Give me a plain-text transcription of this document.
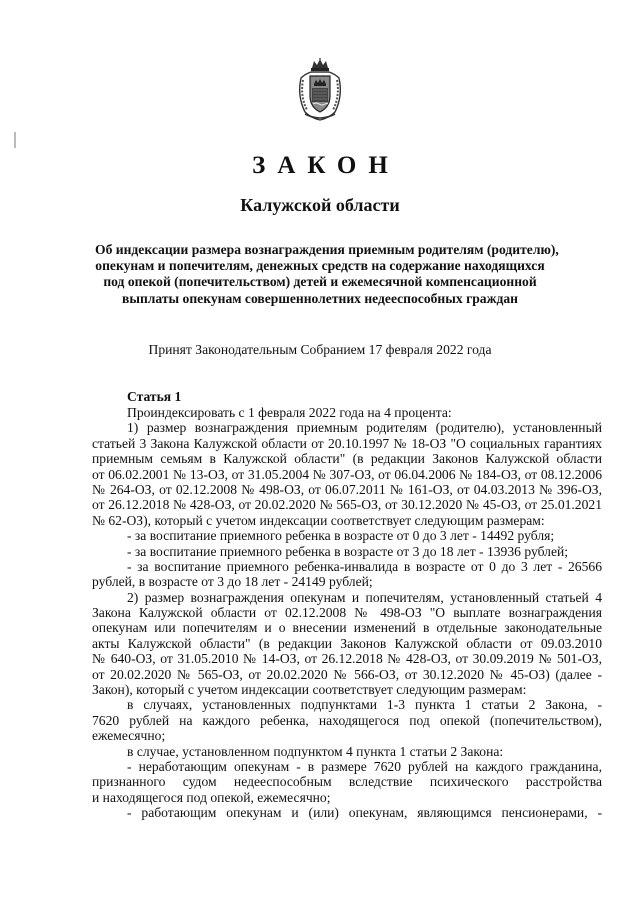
ЗАКОН
Калужской области
Об индексации размера вознаграждения приемным родителям (родителю),
опекунам и попечителям, денежных средств на содержание находящихся
под опекой (попечительством) детей и ежемесячной компенсационной
выплаты опекунам совершеннолетних недееспособных граждан
Принят Законодательным Собранием 17 февраля 2022 года
Статья 1
Проиндексировать с 1 февраля 2022 года на 4 процента:
1) размер вознаграждения приемным родителям (родителю), установленный
статьей 3 Закона Калужской области от 20.10.1997 № 18-ОЗ "О социальных гарантиях
приемным семьям в Калужской области" (в редакции Законов Калужской области
от 06.02.2001 № 13-ОЗ, от 31.05.2004 № 307-ОЗ, от 06.04.2006 № 184-ОЗ, от 08.12.2006
№ 264-ОЗ, от 02.12.2008 № 498-ОЗ, от 06.07.2011 № 161-ОЗ, от 04.03.2013 № 396-ОЗ,
от 26.12.2018 № 428-ОЗ, от 20.02.2020 № 565-ОЗ, от 30.12.2020 № 45-ОЗ, от 25.01.2021
№ 62-ОЗ), который с учетом индексации соответствует следующим размерам:
- за воспитание приемного ребенка в возрасте от 0 до 3 лет - 14492 рубля;
- за воспитание приемного ребенка в возрасте от 3 до 18 лет - 13936 рублей;
- за воспитание приемного ребенка-инвалида в возрасте от 0 до 3 лет - 26566
рублей, в возрасте от 3 до 18 лет - 24149 рублей;
2) размер вознаграждения опекунам и попечителям, установленный статьей 4
Закона Калужской области от 02.12.2008 № 498-ОЗ "О выплате вознаграждения
опекунам или попечителям и о внесении изменений в отдельные законодательные
акты Калужской области" (в редакции Законов Калужской области от 09.03.2010
№ 640-ОЗ, от 31.05.2010 № 14-ОЗ, от 26.12.2018 № 428-ОЗ, от 30.09.2019 № 501-ОЗ,
от 20.02.2020 № 565-ОЗ, от 20.02.2020 № 566-ОЗ, от 30.12.2020 № 45-ОЗ) (далее -
Закон), который с учетом индексации соответствует следующим размерам:
в случаях, установленных подпунктами 1-3 пункта 1 статьи 2 Закона, -
7620 рублей на каждого ребенка, находящегося под опекой (попечительством),
ежемесячно;
в случае, установленном подпунктом 4 пункта 1 статьи 2 Закона:
- неработающим опекунам - в размере 7620 рублей на каждого гражданина,
признанного судом недееспособным вследствие психического расстройства
и находящегося под опекой, ежемесячно;
- работающим опекунам и (или) опекунам, являющимся пенсионерами, -
